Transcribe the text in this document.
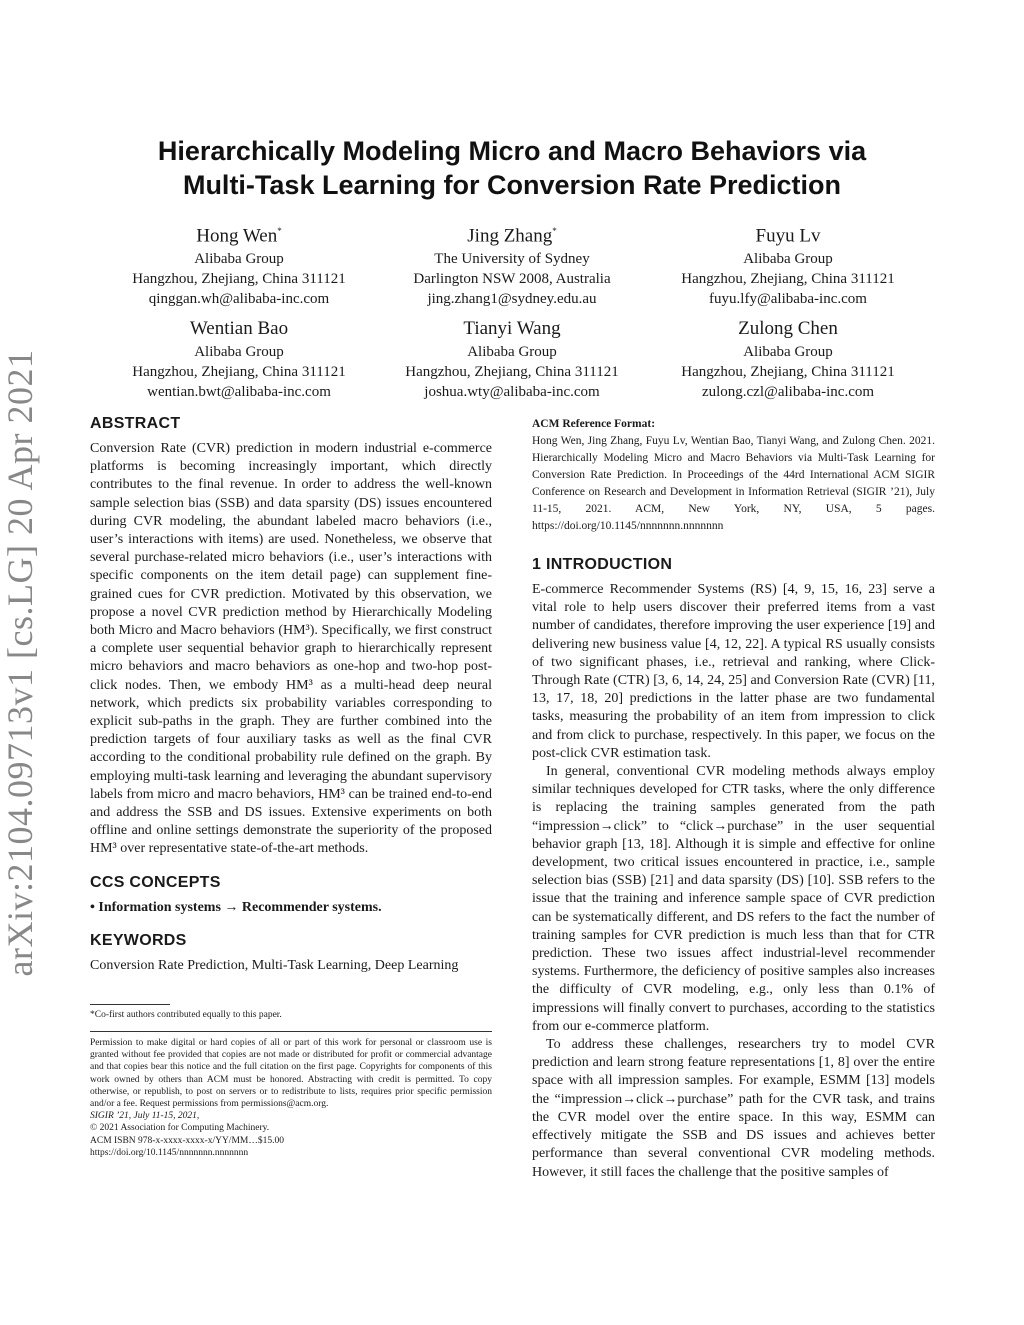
arXiv:2104.09713v1 [cs.LG] 20 Apr 2021
Hierarchically Modeling Micro and Macro Behaviors via
Multi-Task Learning for Conversion Rate Prediction
Hong Wen*
Alibaba Group
Hangzhou, Zhejiang, China 311121
qinggan.wh@alibaba-inc.com
Jing Zhang*
The University of Sydney
Darlington NSW 2008, Australia
jing.zhang1@sydney.edu.au
Fuyu Lv
Alibaba Group
Hangzhou, Zhejiang, China 311121
fuyu.lfy@alibaba-inc.com
Wentian Bao
Alibaba Group
Hangzhou, Zhejiang, China 311121
wentian.bwt@alibaba-inc.com
Tianyi Wang
Alibaba Group
Hangzhou, Zhejiang, China 311121
joshua.wty@alibaba-inc.com
Zulong Chen
Alibaba Group
Hangzhou, Zhejiang, China 311121
zulong.czl@alibaba-inc.com
ABSTRACT

Conversion Rate (CVR) prediction in modern industrial e-commerce platforms is becoming increasingly important, which directly contributes to the final revenue. In order to address the well-known sample selection bias (SSB) and data sparsity (DS) issues encountered during CVR modeling, the abundant labeled macro behaviors (i.e., user’s interactions with items) are used. Nonetheless, we observe that several purchase-related micro behaviors (i.e., user’s interactions with specific components on the item detail page) can supplement fine-grained cues for CVR prediction. Motivated by this observation, we propose a novel CVR prediction method by Hierarchically Modeling both Micro and Macro behaviors (HM³). Specifically, we first construct a complete user sequential behavior graph to hierarchically represent micro behaviors and macro behaviors as one-hop and two-hop post-click nodes. Then, we embody HM³ as a multi-head deep neural network, which predicts six probability variables corresponding to explicit sub-paths in the graph. They are further combined into the prediction targets of four auxiliary tasks as well as the final CVR according to the conditional probability rule defined on the graph. By employing multi-task learning and leveraging the abundant supervisory labels from micro and macro behaviors, HM³ can be trained end-to-end and address the SSB and DS issues. Extensive experiments on both offline and online settings demonstrate the superiority of the proposed HM³ over representative state-of-the-art methods.

CCS CONCEPTS

• Information systems → Recommender systems.

KEYWORDS

Conversion Rate Prediction, Multi-Task Learning, Deep Learning

*Co-first authors contributed equally to this paper.

Permission to make digital or hard copies of all or part of this work for personal or classroom use is granted without fee provided that copies are not made or distributed for profit or commercial advantage and that copies bear this notice and the full citation on the first page. Copyrights for components of this work owned by others than ACM must be honored. Abstracting with credit is permitted. To copy otherwise, or republish, to post on servers or to redistribute to lists, requires prior specific permission and/or a fee. Request permissions from permissions@acm.org.

SIGIR ’21, July 11-15, 2021,

© 2021 Association for Computing Machinery.

ACM ISBN 978-x-xxxx-xxxx-x/YY/MM…$15.00

https://doi.org/10.1145/nnnnnnn.nnnnnnn

ACM Reference Format:

Hong Wen, Jing Zhang, Fuyu Lv, Wentian Bao, Tianyi Wang, and Zulong Chen. 2021. Hierarchically Modeling Micro and Macro Behaviors via Multi-Task Learning for Conversion Rate Prediction. In Proceedings of the 44rd International ACM SIGIR Conference on Research and Development in Information Retrieval (SIGIR ’21), July 11-15, 2021. ACM, New York, NY, USA, 5 pages. https://doi.org/10.1145/nnnnnnn.nnnnnnn

1 INTRODUCTION

E-commerce Recommender Systems (RS) [4, 9, 15, 16, 23] serve a vital role to help users discover their preferred items from a vast number of candidates, therefore improving the user experience [19] and delivering new business value [4, 12, 22]. A typical RS usually consists of two significant phases, i.e., retrieval and ranking, where Click-Through Rate (CTR) [3, 6, 14, 24, 25] and Conversion Rate (CVR) [11, 13, 17, 18, 20] predictions in the latter phase are two fundamental tasks, measuring the probability of an item from impression to click and from click to purchase, respectively. In this paper, we focus on the post-click CVR estimation task.

In general, conventional CVR modeling methods always employ similar techniques developed for CTR tasks, where the only difference is replacing the training samples generated from the path “impression→click” to “click→purchase” in the user sequential behavior graph [13, 18]. Although it is simple and effective for online development, two critical issues encountered in practice, i.e., sample selection bias (SSB) [21] and data sparsity (DS) [10]. SSB refers to the issue that the training and inference sample space of CVR prediction can be systematically different, and DS refers to the fact the number of training samples for CVR prediction is much less than that for CTR prediction. These two issues affect industrial-level recommender systems. Furthermore, the deficiency of positive samples also increases the difficulty of CVR modeling, e.g., only less than 0.1% of impressions will finally convert to purchases, according to the statistics from our e-commerce platform.

To address these challenges, researchers try to model CVR prediction and learn strong feature representations [1, 8] over the entire space with all impression samples. For example, ESMM [13] models the “impression→click→purchase” path for the CVR task, and trains the CVR model over the entire space. In this way, ESMM can effectively mitigate the SSB and DS issues and achieves better performance than several conventional CVR modeling methods. However, it still faces the challenge that the positive samples of
